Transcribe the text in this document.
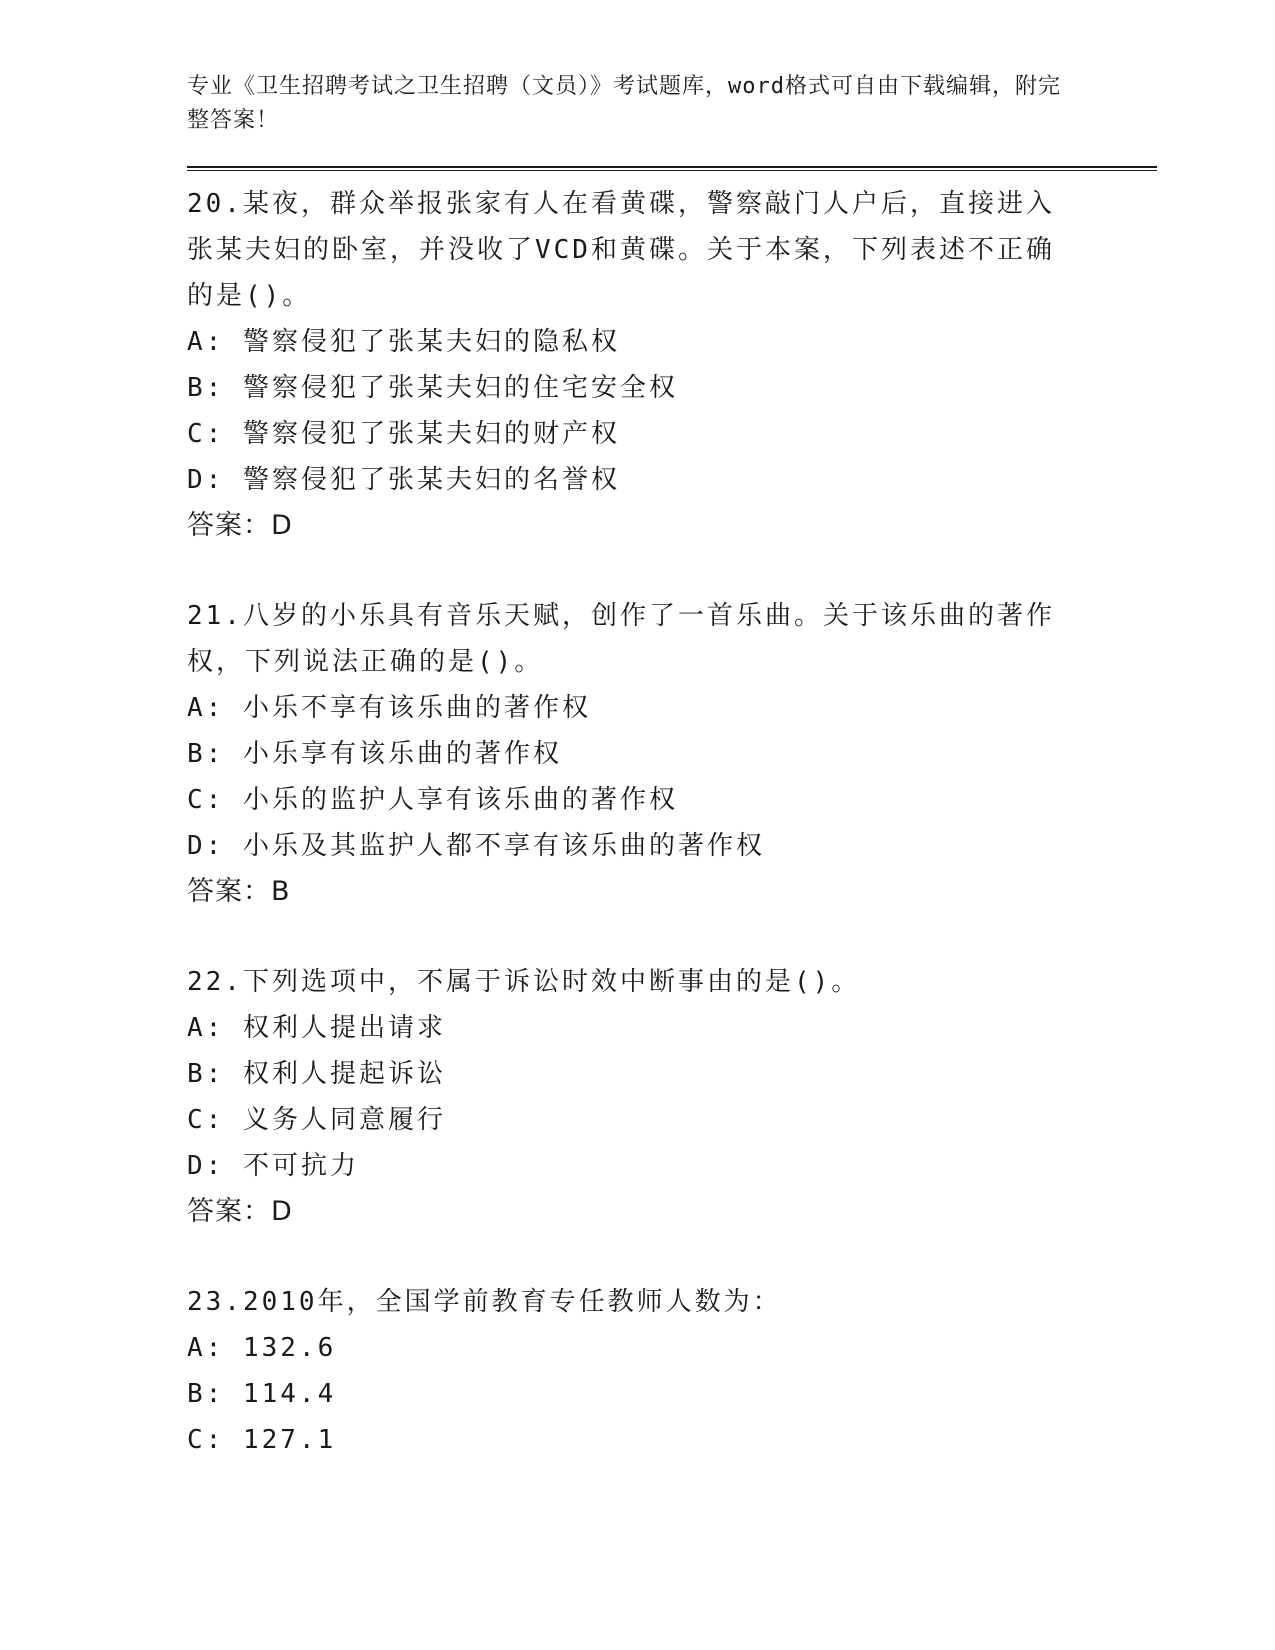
专业《卫生招聘考试之卫生招聘（文员）》考试题库，word格式可自由下载编辑，附完整答案！

20.某夜，群众举报张家有人在看黄碟，警察敲门人户后，直接进入张某夫妇的卧室，并没收了VCD和黄碟。关于本案，下列表述不正确的是()。

A: 警察侵犯了张某夫妇的隐私权

B: 警察侵犯了张某夫妇的住宅安全权

C: 警察侵犯了张某夫妇的财产权

D: 警察侵犯了张某夫妇的名誉权

答案：D

21.八岁的小乐具有音乐天赋，创作了一首乐曲。关于该乐曲的著作权，下列说法正确的是()。

A: 小乐不享有该乐曲的著作权

B: 小乐享有该乐曲的著作权

C: 小乐的监护人享有该乐曲的著作权

D: 小乐及其监护人都不享有该乐曲的著作权

答案：B

22.下列选项中，不属于诉讼时效中断事由的是()。

A: 权利人提出请求

B: 权利人提起诉讼

C: 义务人同意履行

D: 不可抗力

答案：D

23.2010年，全国学前教育专任教师人数为：

A: 132.6

B: 114.4

C: 127.1
